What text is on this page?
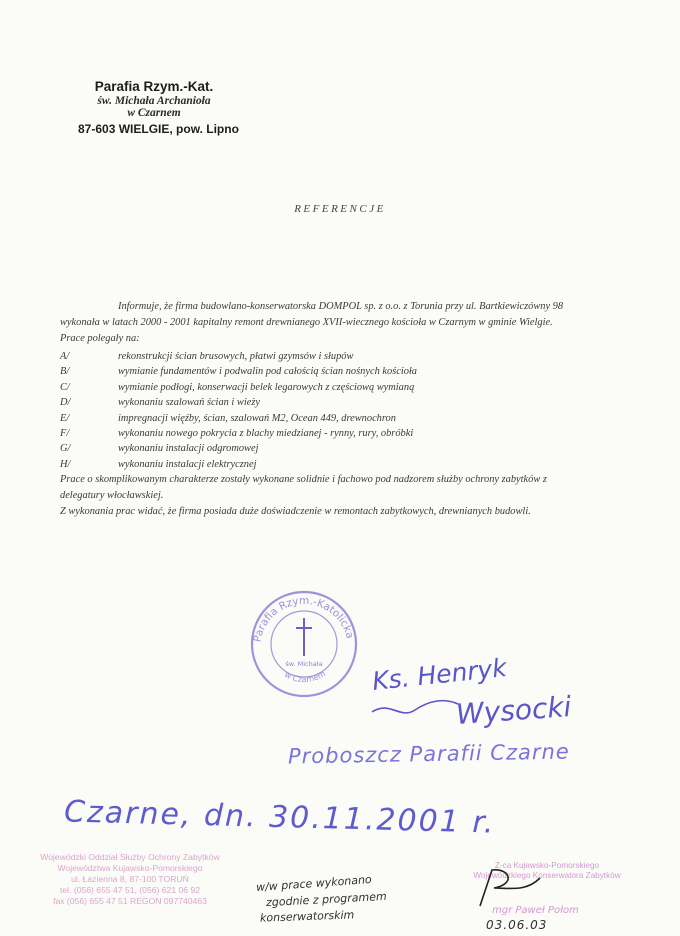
Parafia Rzym.-Kat.
św. Michała Archanioła
w Czarnem
87-603 WIELGIE, pow. Lipno
REFERENCJE

Informuje, że firma budowlano-konserwatorska DOMPOL sp. z o.o. z Torunia przy ul. Bartkiewiczówny 98 wykonała w latach 2000 - 2001 kapitalny remont drewnianego XVII-wiecznego kościoła w Czarnym w gminie Wielgie.

Prace polegały na:

A/	rekonstrukcji ścian brusowych, płatwi gzymsów i słupów
B/	wymianie fundamentów i podwalin pod całością ścian nośnych kościoła
C/	wymianie podłogi, konserwacji belek legarowych z częściową wymianą
D/	wykonaniu szalowań ścian i wieży
E/	impregnacji więźby, ścian, szalowań M2, Ocean 449, drewnochron
F/	wykonaniu nowego pokrycia z blachy miedzianej - rynny, rury, obróbki
G/	wykonaniu instalacji odgromowej
H/	wykonaniu instalacji elektrycznej

Prace o skomplikowanym charakterze zostały wykonane solidnie i fachowo pod nadzorem służby ochrony zabytków z delegatury włocławskiej.

Z wykonania prac widać, że firma posiada duże doświadczenie w remontach zabytkowych, drewnianych budowli.

Parafia Rzym.-Katolicka
w Czarnem
św. Michała Ks. Henryk
Wysocki
Proboszcz Parafii Czarne
Czarne, dn. 30.11.2001 r.
Wojewódzki Oddział Służby Ochrony Zabytków
Województwa Kujawsko-Pomorskiego
ul. Łazienna 8, 87-100 TORUŃ
tel. (056) 655 47 51, (056) 621 06 92
fax (056) 655 47 51 REGON 097740463
w/w prace wykonano
zgodnie z programem
konserwatorskim
Z-ca Kujawsko-Pomorskiego
Wojewódzkiego Konserwatora Zabytków
mgr Paweł Połom
03.06.03
